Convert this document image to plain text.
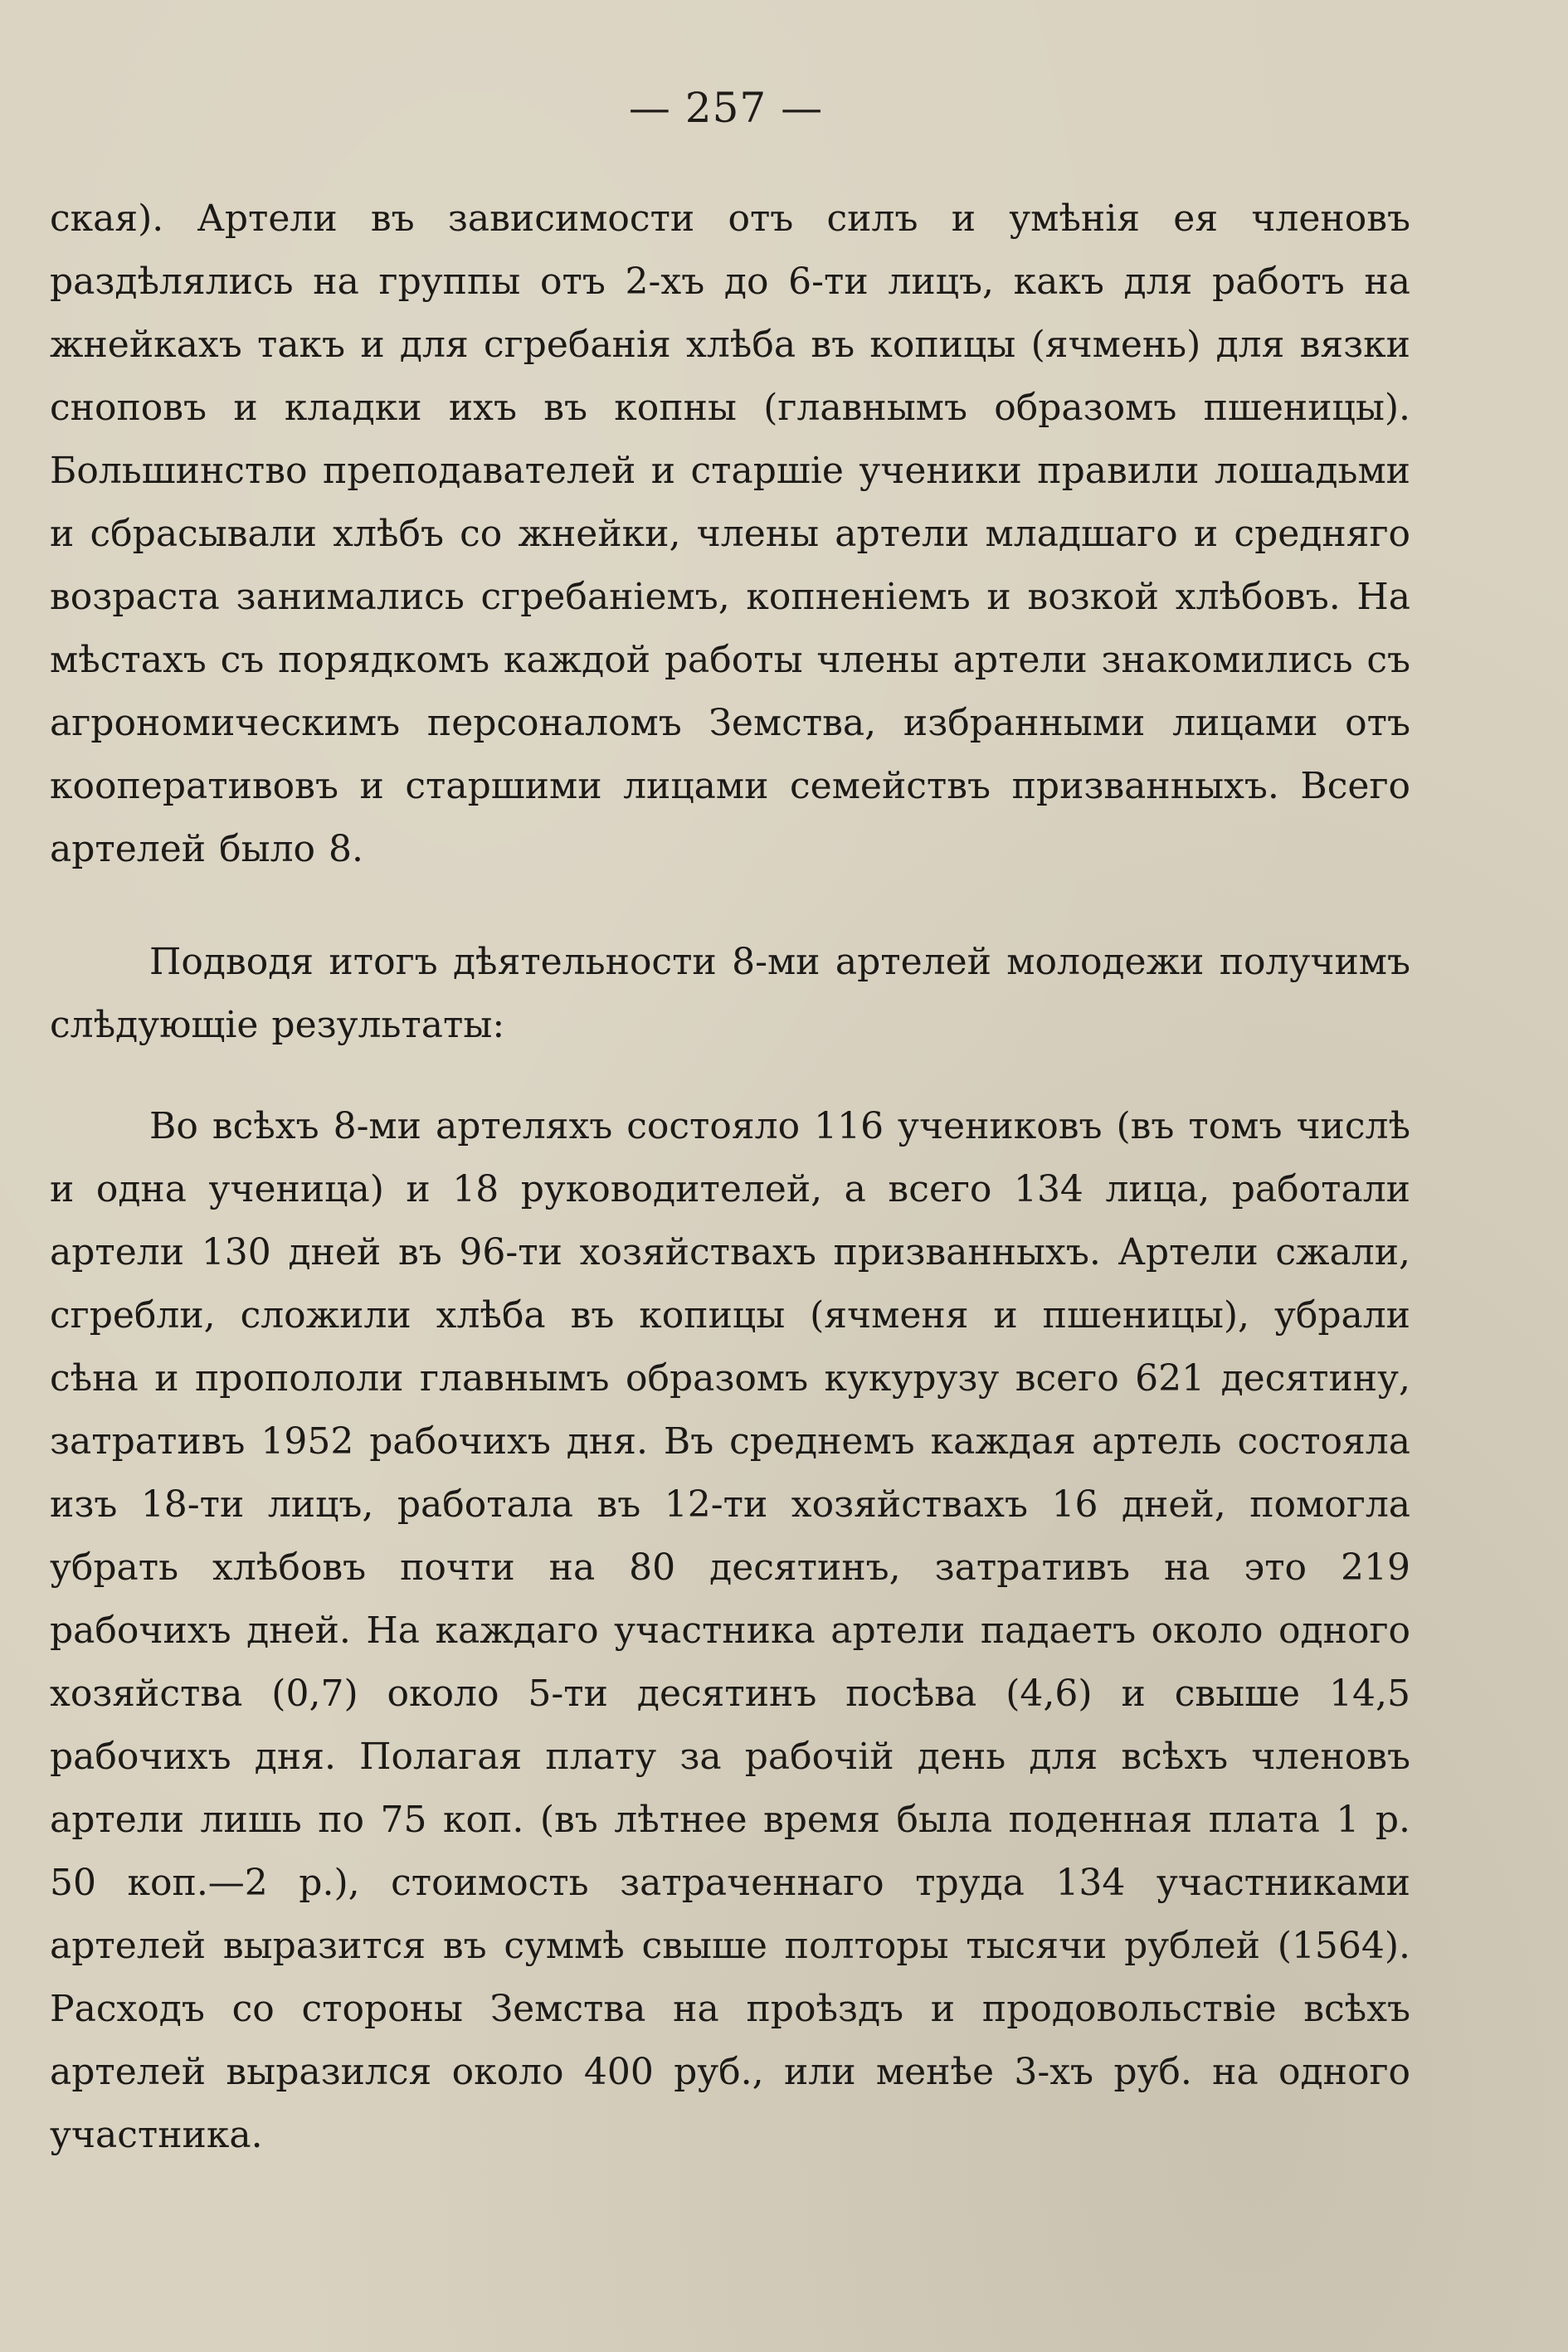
— 257 —

ская). Артели въ зависимости отъ силъ и умѣнія ея членовъ раздѣлялись на группы отъ 2-хъ до 6-ти лицъ, какъ для работъ на жнейкахъ такъ и для сгребанія хлѣба въ копицы (ячмень) для вязки сноповъ и кладки ихъ въ копны (главнымъ образомъ пшеницы). Большинство преподавателей и старшіе ученики правили лошадьми и сбрасывали хлѣбъ со жнейки, члены артели младшаго и средняго возраста занимались сгребаніемъ, копненіемъ и возкой хлѣбовъ. На мѣстахъ съ порядкомъ каждой работы члены артели знакомились съ агрономическимъ персоналомъ Земства, избранными лицами отъ кооперативовъ и старшими лицами семействъ призванныхъ. Всего артелей было 8.

Подводя итогъ дѣятельности 8-ми артелей молодежи получимъ слѣдующіе результаты:

Во всѣхъ 8-ми артеляхъ состояло 116 учениковъ (въ томъ числѣ и одна ученица) и 18 руководителей, а всего 134 лица, работали артели 130 дней въ 96-ти хозяйствахъ призванныхъ. Артели сжали, сгребли, сложили хлѣба въ копицы (ячменя и пшеницы), убрали сѣна и пропололи главнымъ образомъ кукурузу всего 621 десятину, затративъ 1952 рабочихъ дня. Въ среднемъ каждая артель состояла изъ 18-ти лицъ, работала въ 12-ти хозяйствахъ 16 дней, помогла убрать хлѣбовъ почти на 80 десятинъ, затративъ на это 219 рабочихъ дней. На каждаго участника артели падаетъ около одного хозяйства (0,7) около 5-ти десятинъ посѣва (4,6) и свыше 14,5 рабочихъ дня. Полагая плату за рабочій день для всѣхъ членовъ артели лишь по 75 коп. (въ лѣтнее время была поденная плата 1 р. 50 коп.—2 р.), стоимость затраченнаго труда 134 участниками артелей выразится въ суммѣ свыше полторы тысячи рублей (1564). Расходъ со стороны Земства на проѣздъ и продовольствіе всѣхъ артелей выразился около 400 руб., или менѣе 3-хъ руб. на одного участника.
